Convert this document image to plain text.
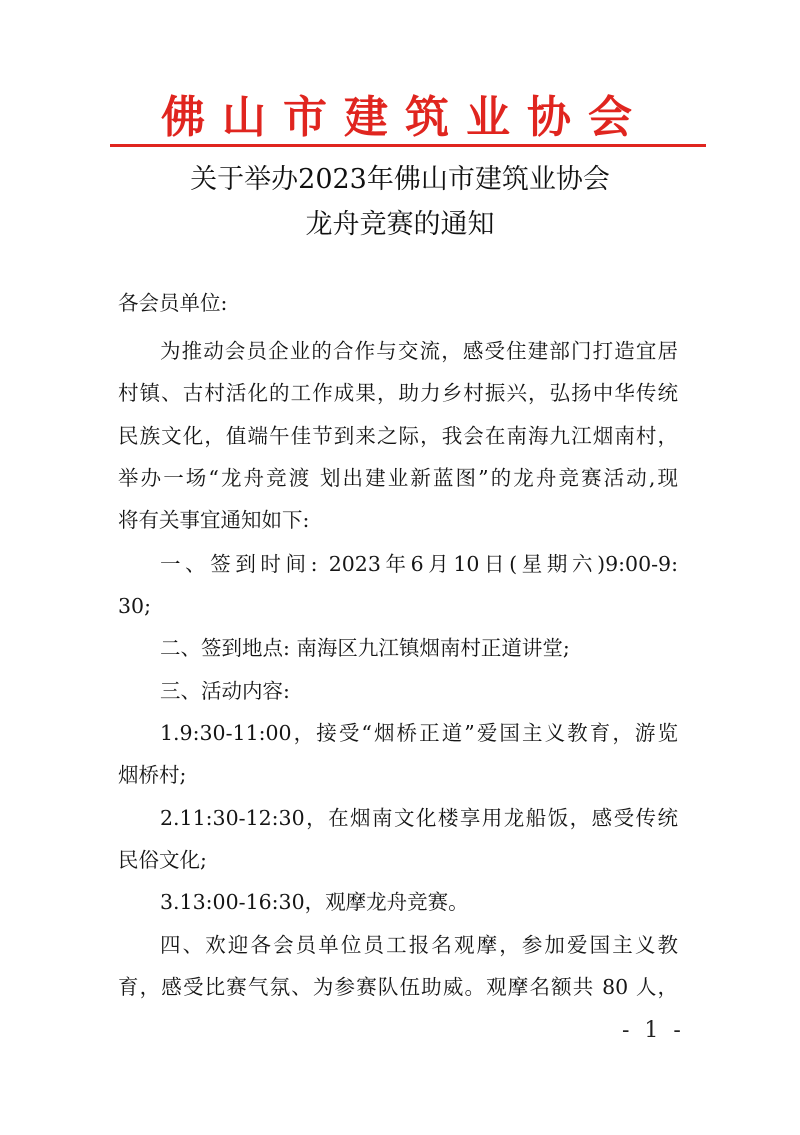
佛山市建筑业协会
关于举办2023年佛山市建筑业协会
龙舟竞赛的通知
各会员单位:
为推动会员企业的合作与交流，感受住建部门打造宜居
村镇、古村活化的工作成果，助力乡村振兴，弘扬中华传统
民族文化，值端午佳节到来之际，我会在南海九江烟南村，
举办一场“龙舟竞渡 划出建业新蓝图”的龙舟竞赛活动,现
将有关事宜通知如下:
一、签到时间: 2023年6月10日(星期六)9:00-9:
30;
二、签到地点: 南海区九江镇烟南村正道讲堂;
三、活动内容:
1.9:30-11:00，接受“烟桥正道”爱国主义教育，游览
烟桥村;
2.11:30-12:30，在烟南文化楼享用龙船饭，感受传统
民俗文化;
3.13:00-16:30，观摩龙舟竞赛。
四、欢迎各会员单位员工报名观摩，参加爱国主义教
育，感受比赛气氛、为参赛队伍助威。观摩名额共 80 人，
- 1 -
